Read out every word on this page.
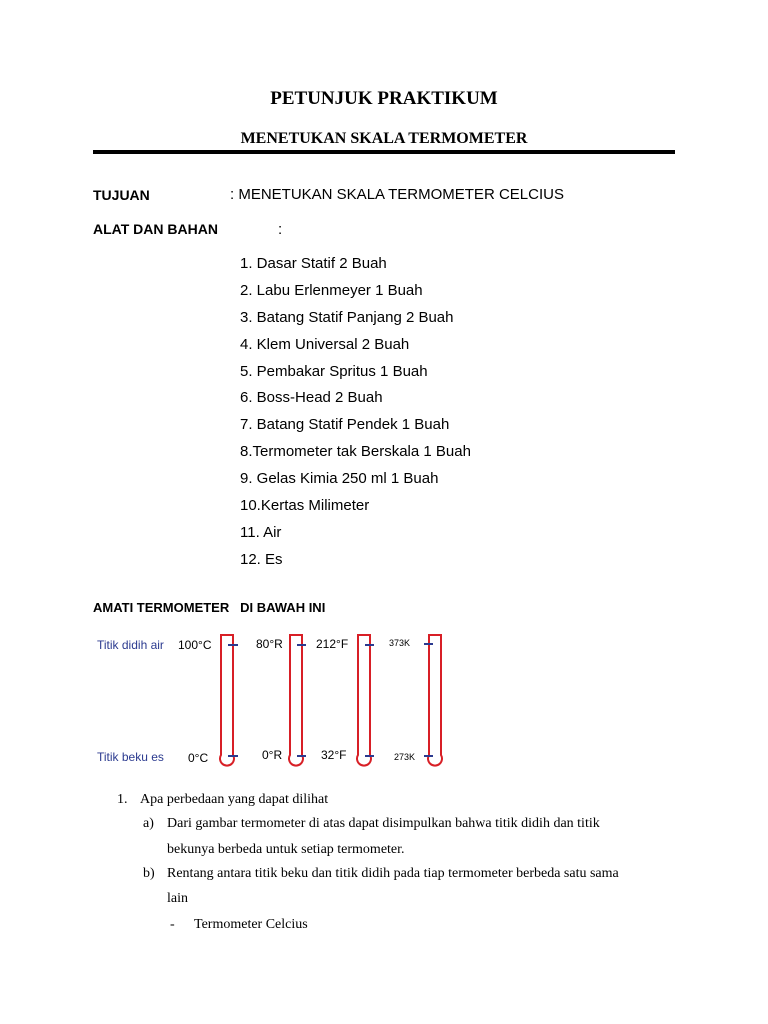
PETUNJUK PRAKTIKUM
MENETUKAN SKALA TERMOMETER
TUJUAN	: MENETUKAN SKALA TERMOMETER CELCIUS
ALAT DAN BAHAN	:
1. Dasar Statif 2 Buah
2. Labu Erlenmeyer 1 Buah
3. Batang Statif Panjang 2 Buah
4. Klem Universal 2 Buah
5. Pembakar Spritus 1 Buah
6. Boss-Head 2 Buah
7. Batang Statif Pendek 1 Buah
8.Termometer tak Berskala 1 Buah
9. Gelas Kimia 250 ml 1 Buah
10.Kertas Milimeter
11. Air
12. Es
AMATI TERMOMETER   DI BAWAH INI
Titik didih air
Titik beku es
100°C
0°C
80°R
0°R
212°F
32°F
373K
273K
1. Apa perbedaan yang dapat dilihat
a) Dari gambar termometer di atas dapat disimpulkan bahwa titik didih dan titik
bekunya berbeda untuk setiap termometer.
b) Rentang antara titik beku dan titik didih pada tiap termometer berbeda satu sama
lain
- Termometer Celcius
